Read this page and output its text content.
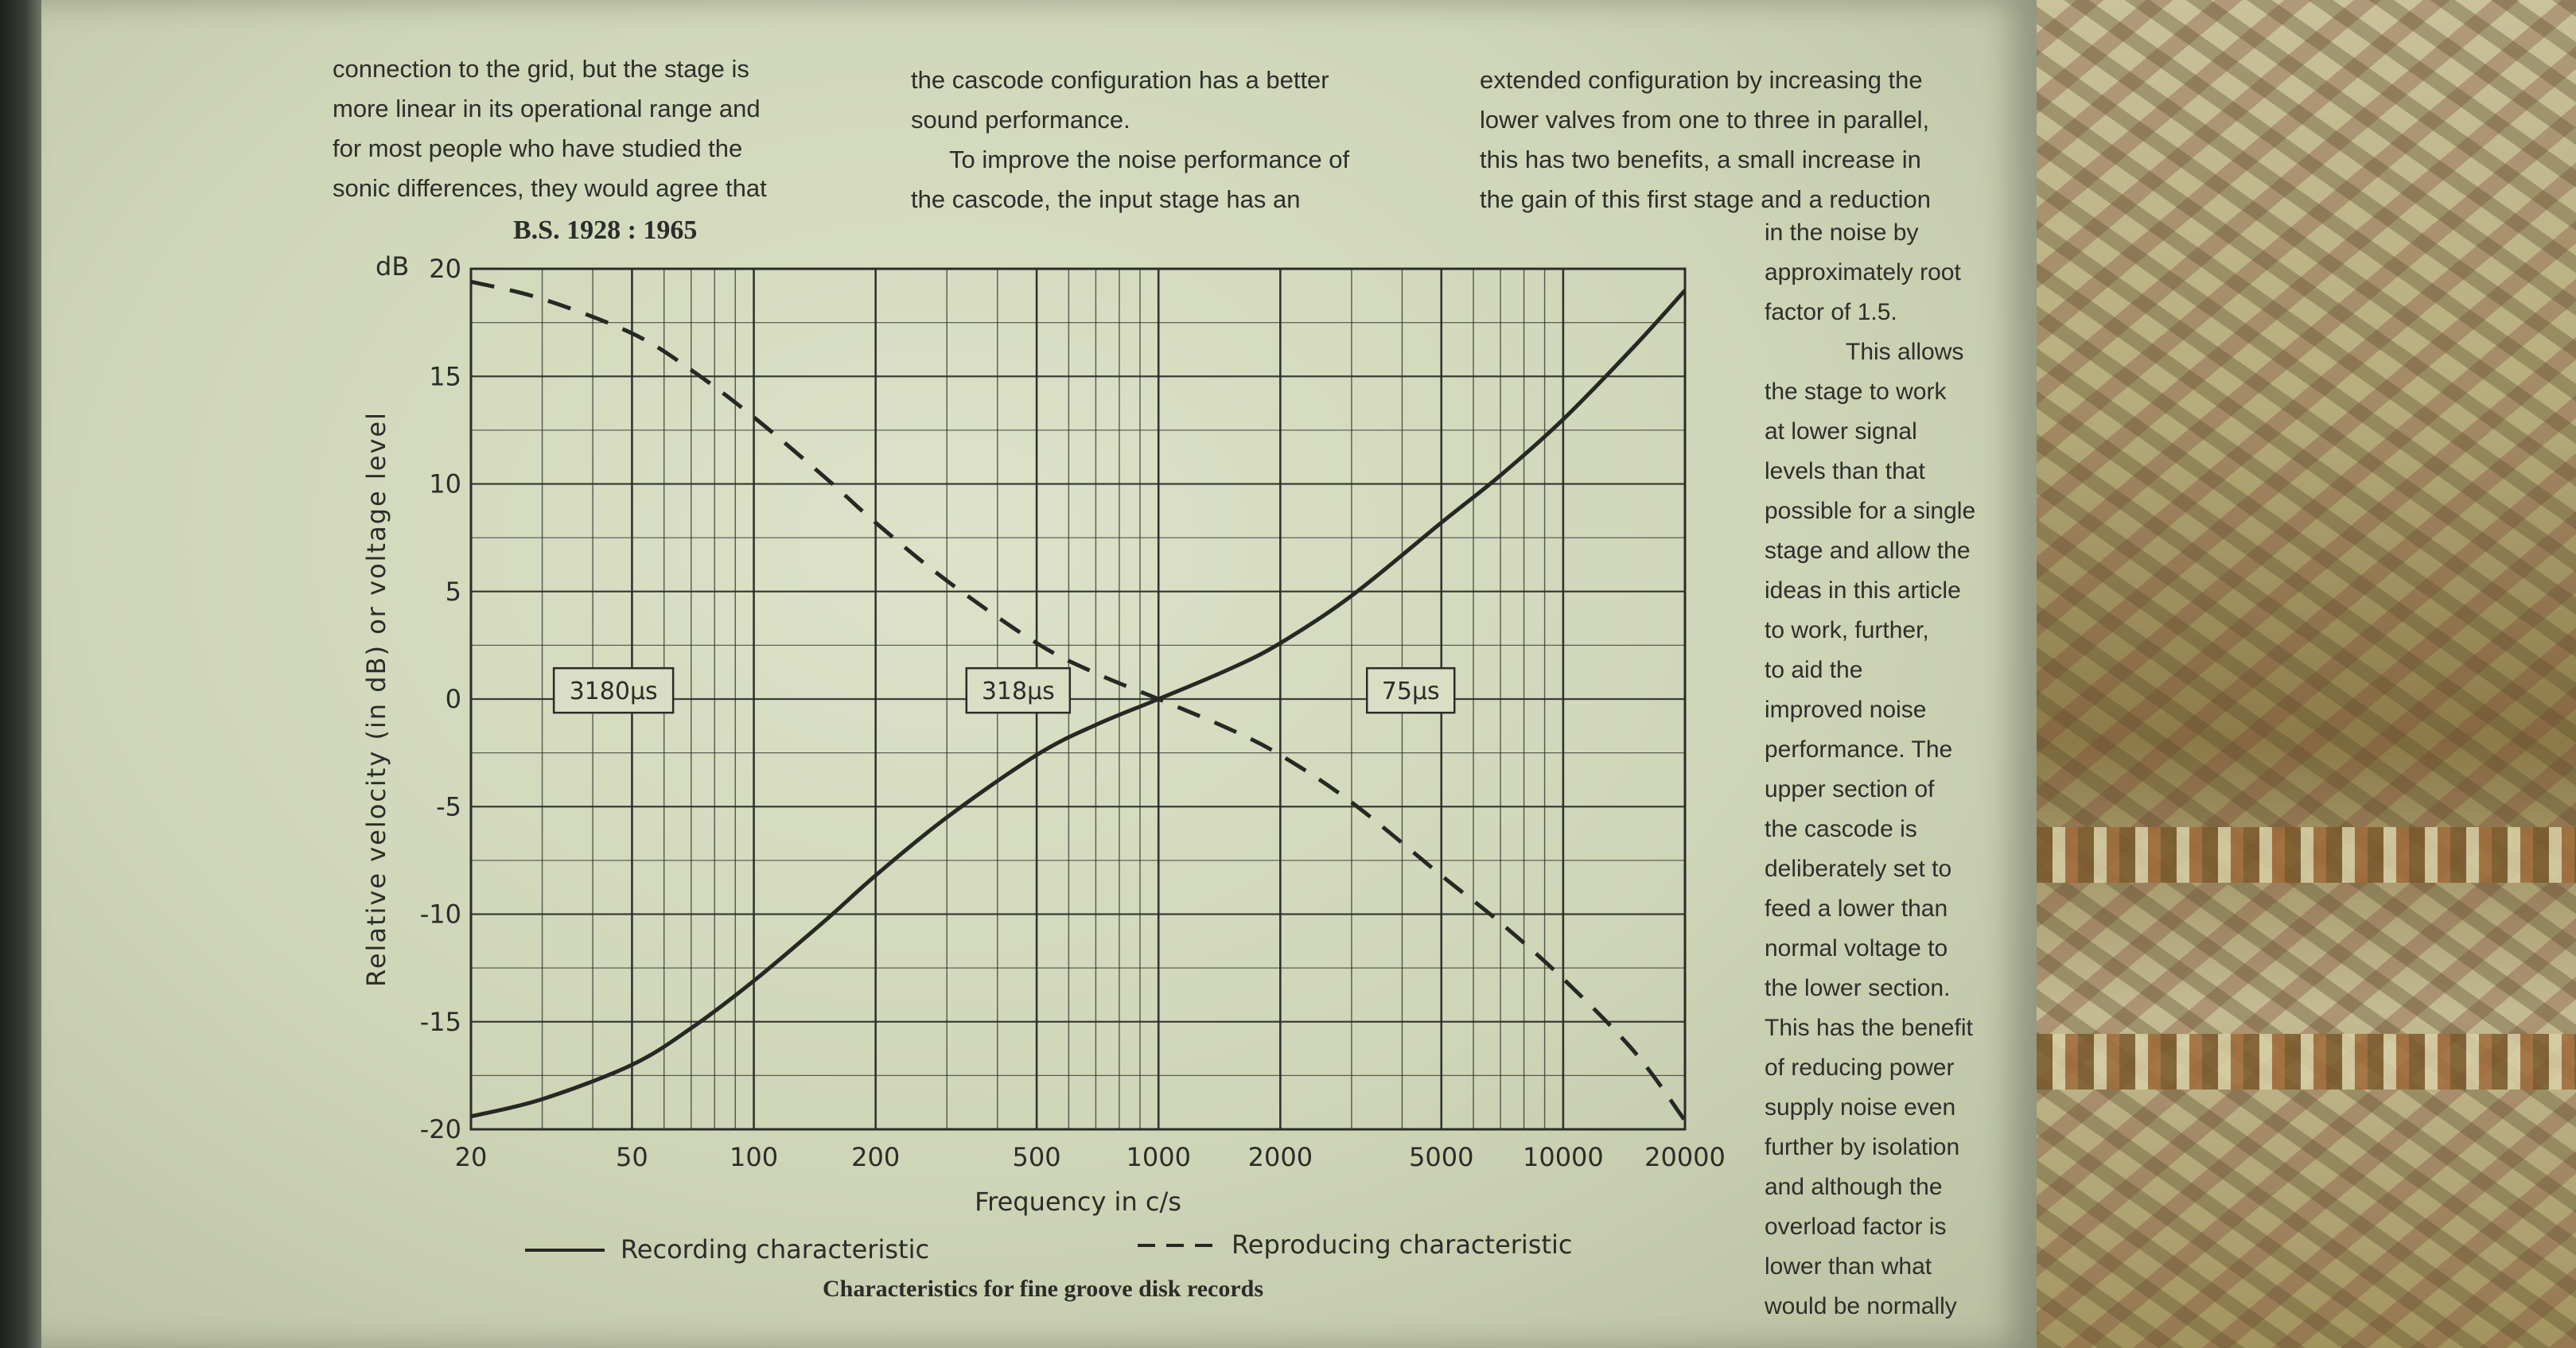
connection to the grid, but the stage is
more linear in its operational range and
for most people who have studied the
sonic differences, they would agree that
the cascode configuration has a better
sound performance.
To improve the noise performance of
the cascode, the input stage has an
extended configuration by increasing the
lower valves from one to three in parallel,
this has two benefits, a small increase in
the gain of this first stage and a reduction
in the noise by
approximately root
factor of 1.5.
This allows
the stage to work
at lower signal
levels than that
possible for a single
stage and allow the
ideas in this article
to work, further,
to aid the
improved noise
performance. The
upper section of
the cascode is
deliberately set to
feed a lower than
normal voltage to
the lower section.
This has the benefit
of reducing power
supply noise even
further by isolation
and although the
overload factor is
lower than what
would be normally
20	50	100	200	500	1000 2000	5000 10000 20000
20
15
10
5
0
-5
-10
-15
-20
3180µs	318µs	75µs
B.S. 1928 : 1965
dB
Relative velocity (in dB) or voltage level
Frequency in c/s
Recording characteristic	Reproducing characteristic
Characteristics for fine groove disk records
